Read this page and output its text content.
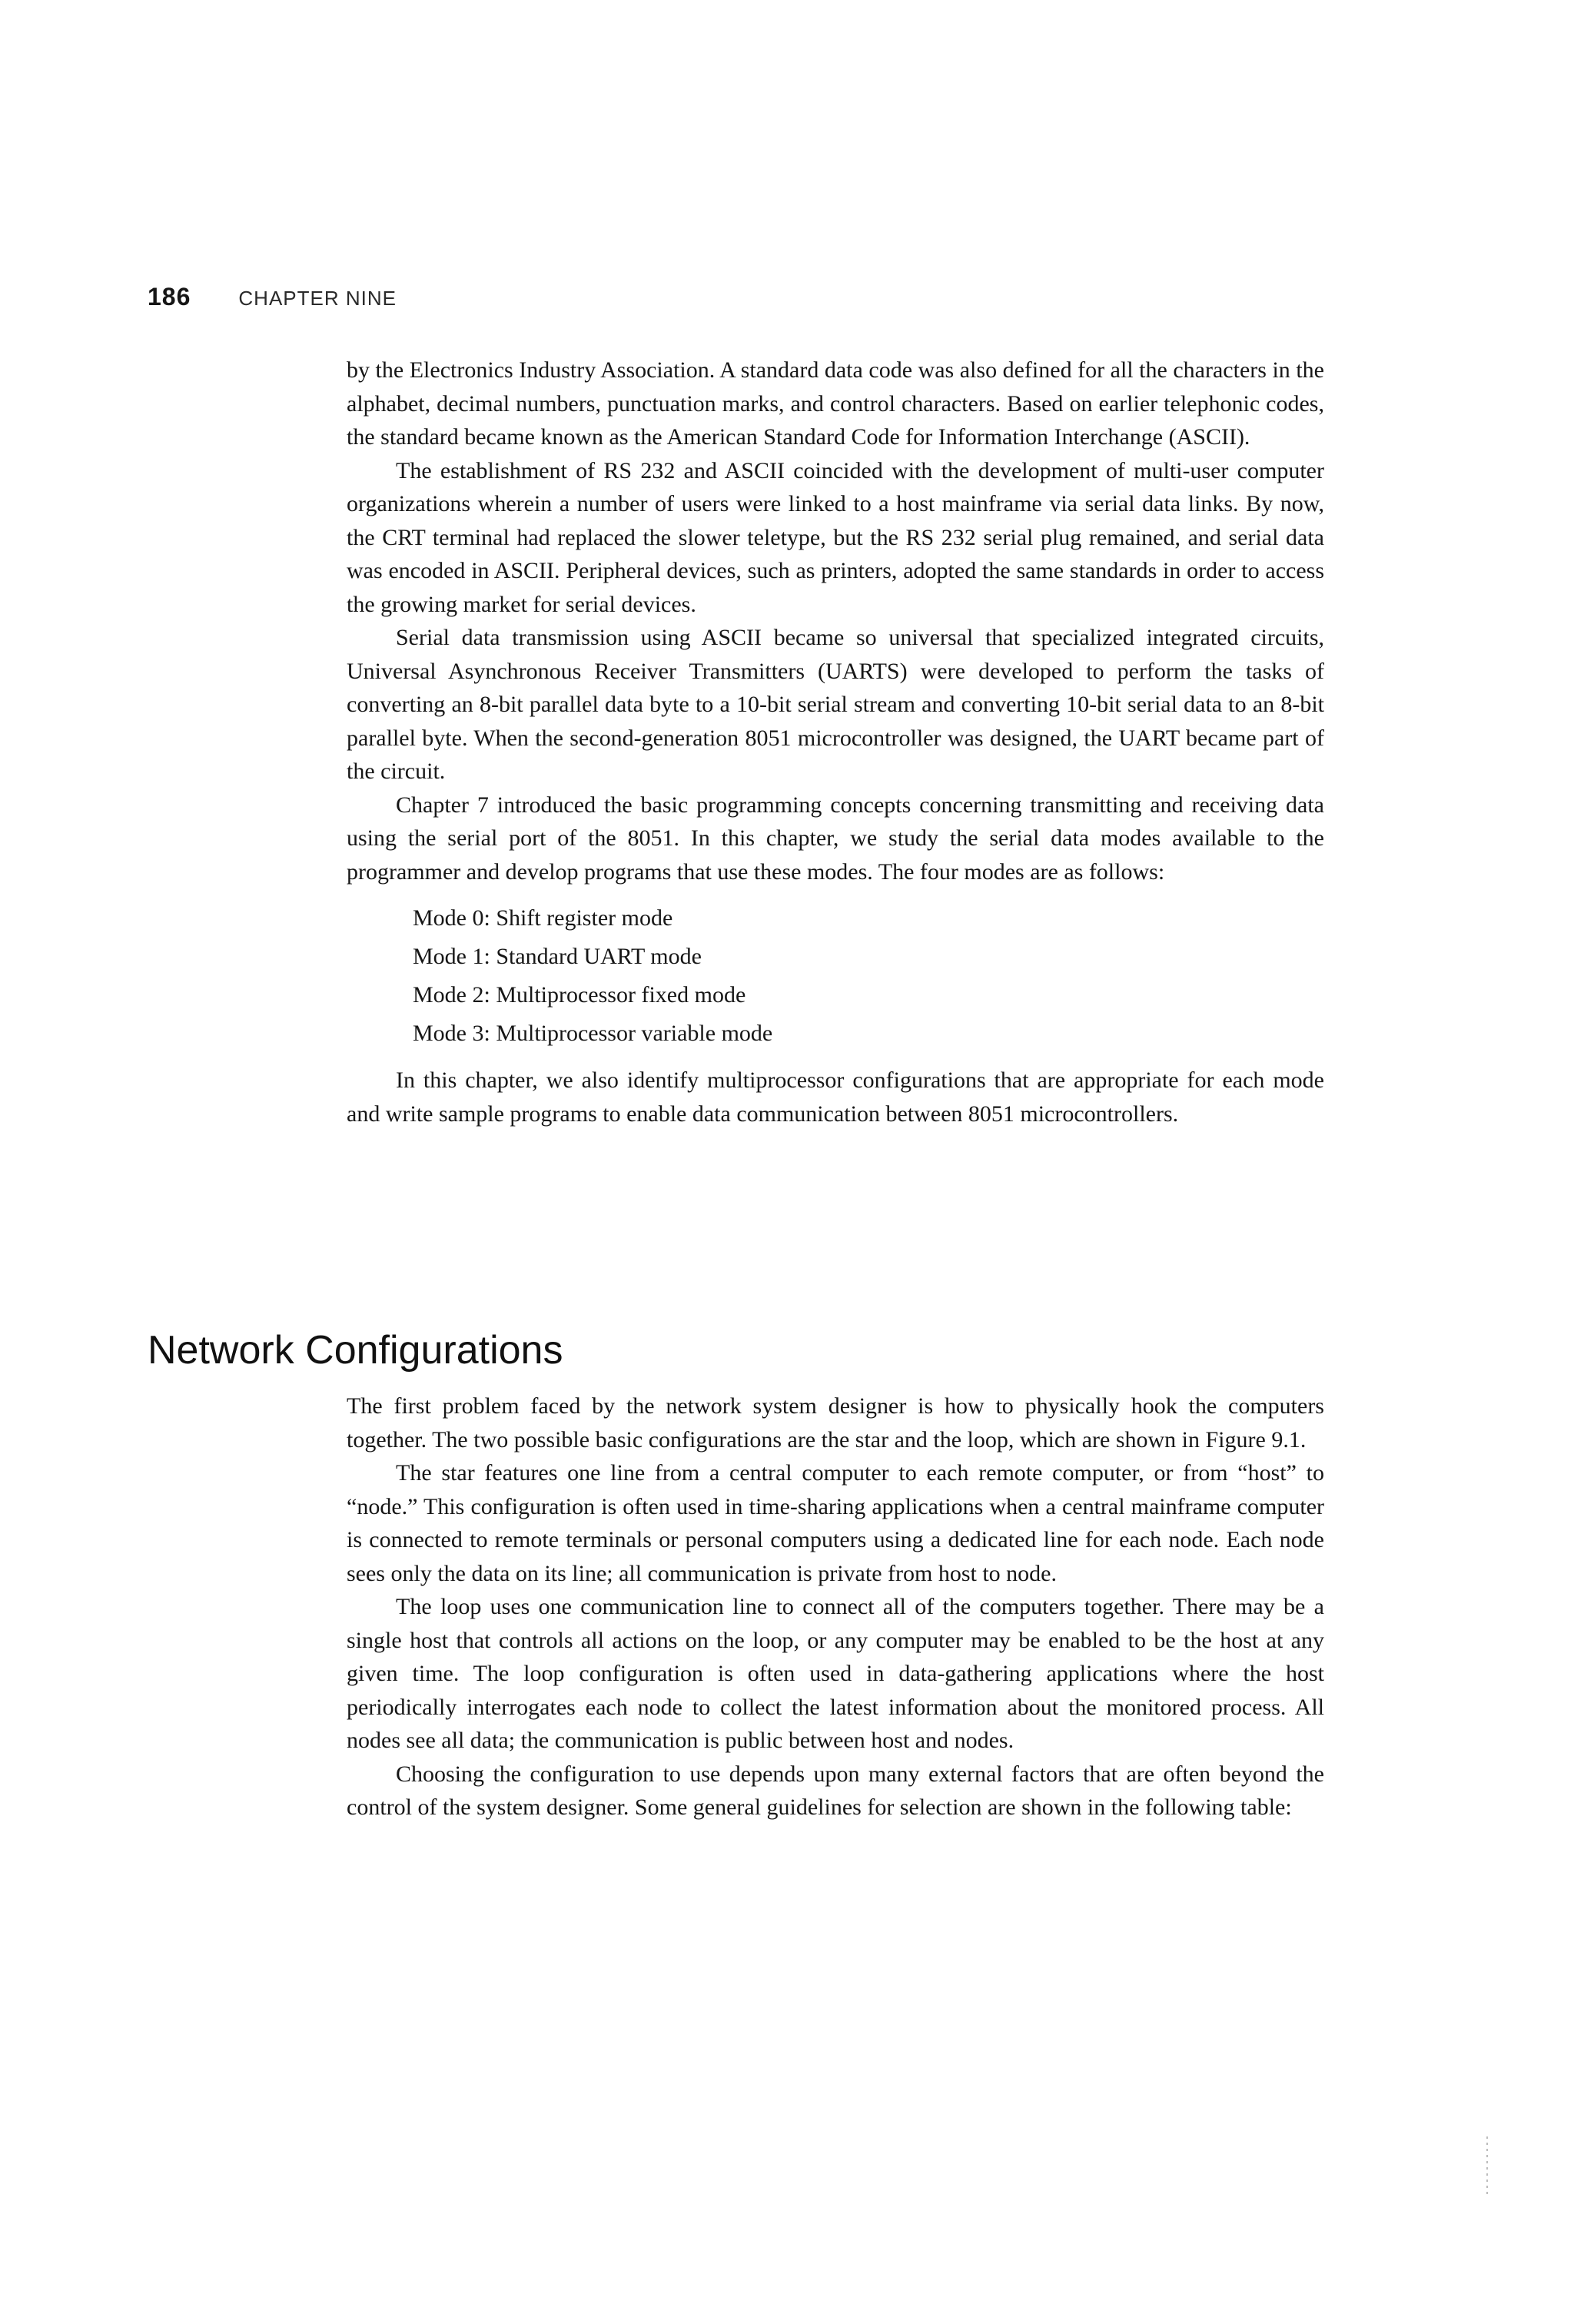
186 CHAPTER NINE

by the Electronics Industry Association. A standard data code was also defined for all the characters in the alphabet, decimal numbers, punctuation marks, and control characters. Based on earlier telephonic codes, the standard became known as the American Standard Code for Information Interchange (ASCII).

The establishment of RS 232 and ASCII coincided with the development of multi-user computer organizations wherein a number of users were linked to a host mainframe via serial data links. By now, the CRT terminal had replaced the slower teletype, but the RS 232 serial plug remained, and serial data was encoded in ASCII. Peripheral devices, such as printers, adopted the same standards in order to access the growing market for serial devices.

Serial data transmission using ASCII became so universal that specialized integrated circuits, Universal Asynchronous Receiver Transmitters (UARTS) were developed to perform the tasks of converting an 8-bit parallel data byte to a 10-bit serial stream and converting 10-bit serial data to an 8-bit parallel byte. When the second-generation 8051 microcontroller was designed, the UART became part of the circuit.

Chapter 7 introduced the basic programming concepts concerning transmitting and receiving data using the serial port of the 8051. In this chapter, we study the serial data modes available to the programmer and develop programs that use these modes. The four modes are as follows:

Mode 0: Shift register mode
Mode 1: Standard UART mode
Mode 2: Multiprocessor fixed mode
Mode 3: Multiprocessor variable mode

In this chapter, we also identify multiprocessor configurations that are appropriate for each mode and write sample programs to enable data communication between 8051 microcontrollers.

Network Configurations

The first problem faced by the network system designer is how to physically hook the computers together. The two possible basic configurations are the star and the loop, which are shown in Figure 9.1.

The star features one line from a central computer to each remote computer, or from “host” to “node.” This configuration is often used in time-sharing applications when a central mainframe computer is connected to remote terminals or personal computers using a dedicated line for each node. Each node sees only the data on its line; all communication is private from host to node.

The loop uses one communication line to connect all of the computers together. There may be a single host that controls all actions on the loop, or any computer may be enabled to be the host at any given time. The loop configuration is often used in data-gathering applications where the host periodically interrogates each node to collect the latest information about the monitored process. All nodes see all data; the communication is public between host and nodes.

Choosing the configuration to use depends upon many external factors that are often beyond the control of the system designer. Some general guidelines for selection are shown in the following table:
